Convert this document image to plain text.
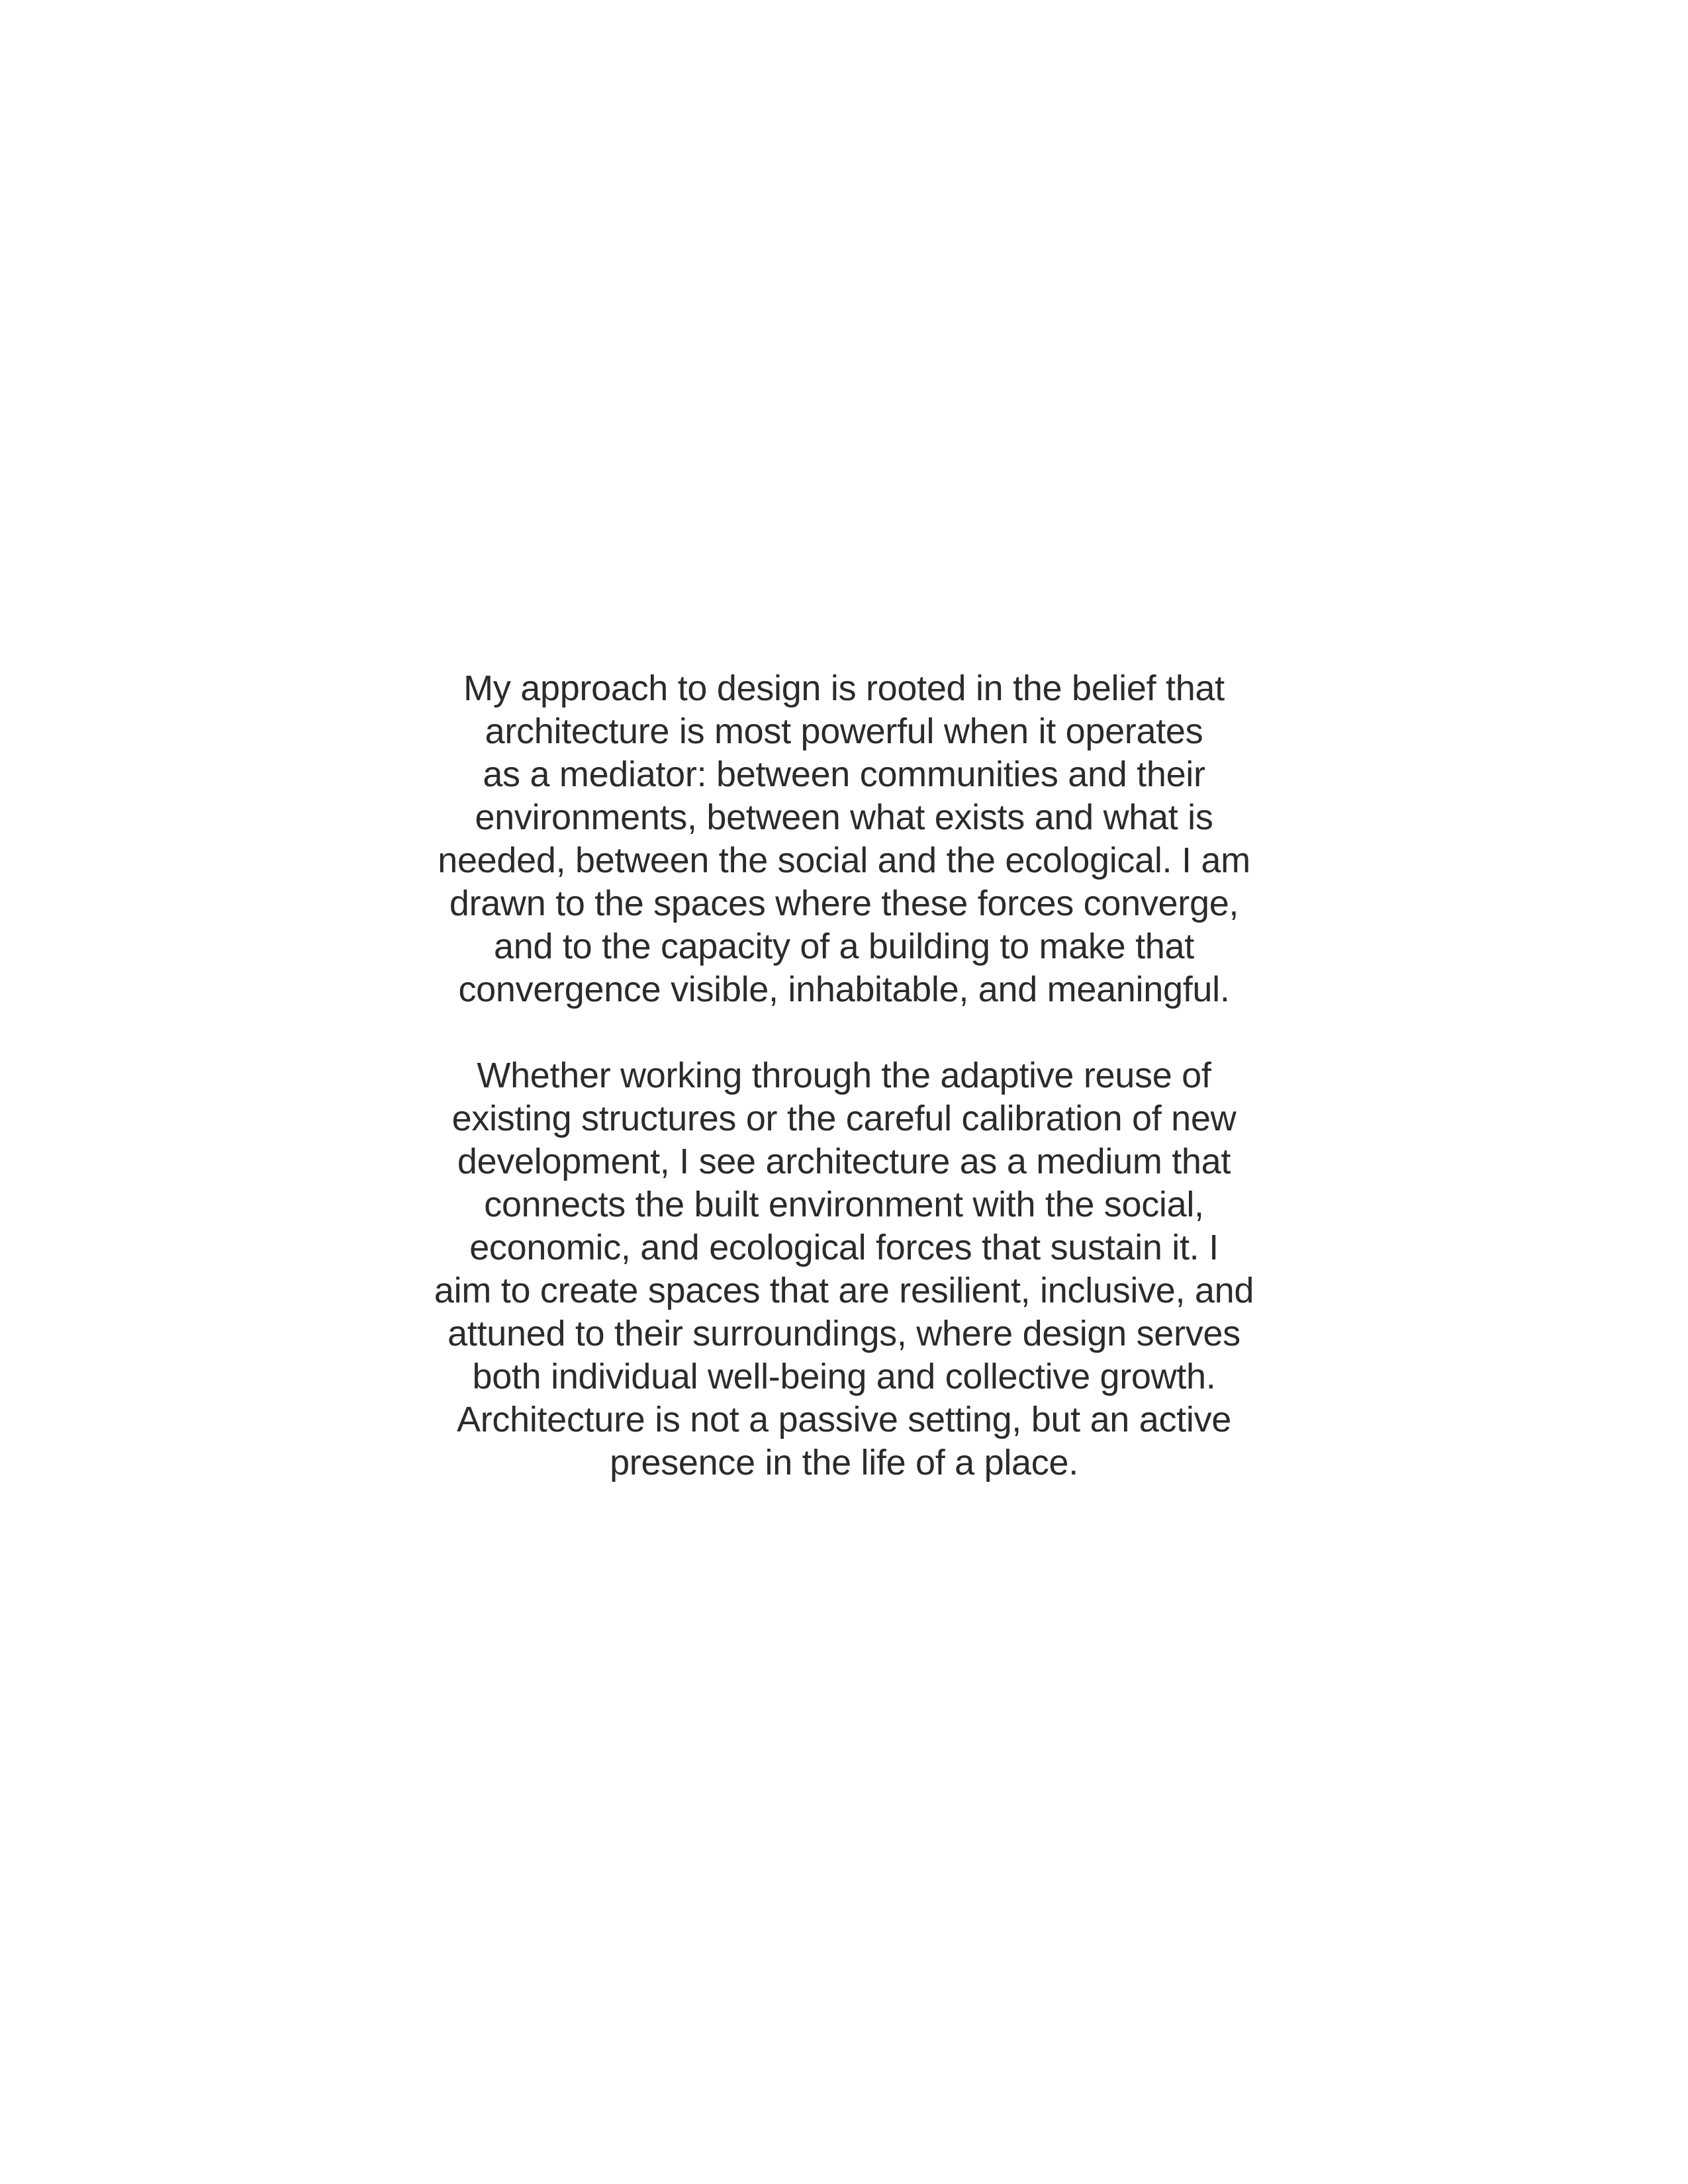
My approach to design is rooted in the belief that
architecture is most powerful when it operates
as a mediator: between communities and their
environments, between what exists and what is
needed, between the social and the ecological. I am
drawn to the spaces where these forces converge,
and to the capacity of a building to make that
convergence visible, inhabitable, and meaningful.

Whether working through the adaptive reuse of
existing structures or the careful calibration of new
development, I see architecture as a medium that
connects the built environment with the social,
economic, and ecological forces that sustain it. I
aim to create spaces that are resilient, inclusive, and
attuned to their surroundings, where design serves
both individual well-being and collective growth.
Architecture is not a passive setting, but an active
presence in the life of a place.
